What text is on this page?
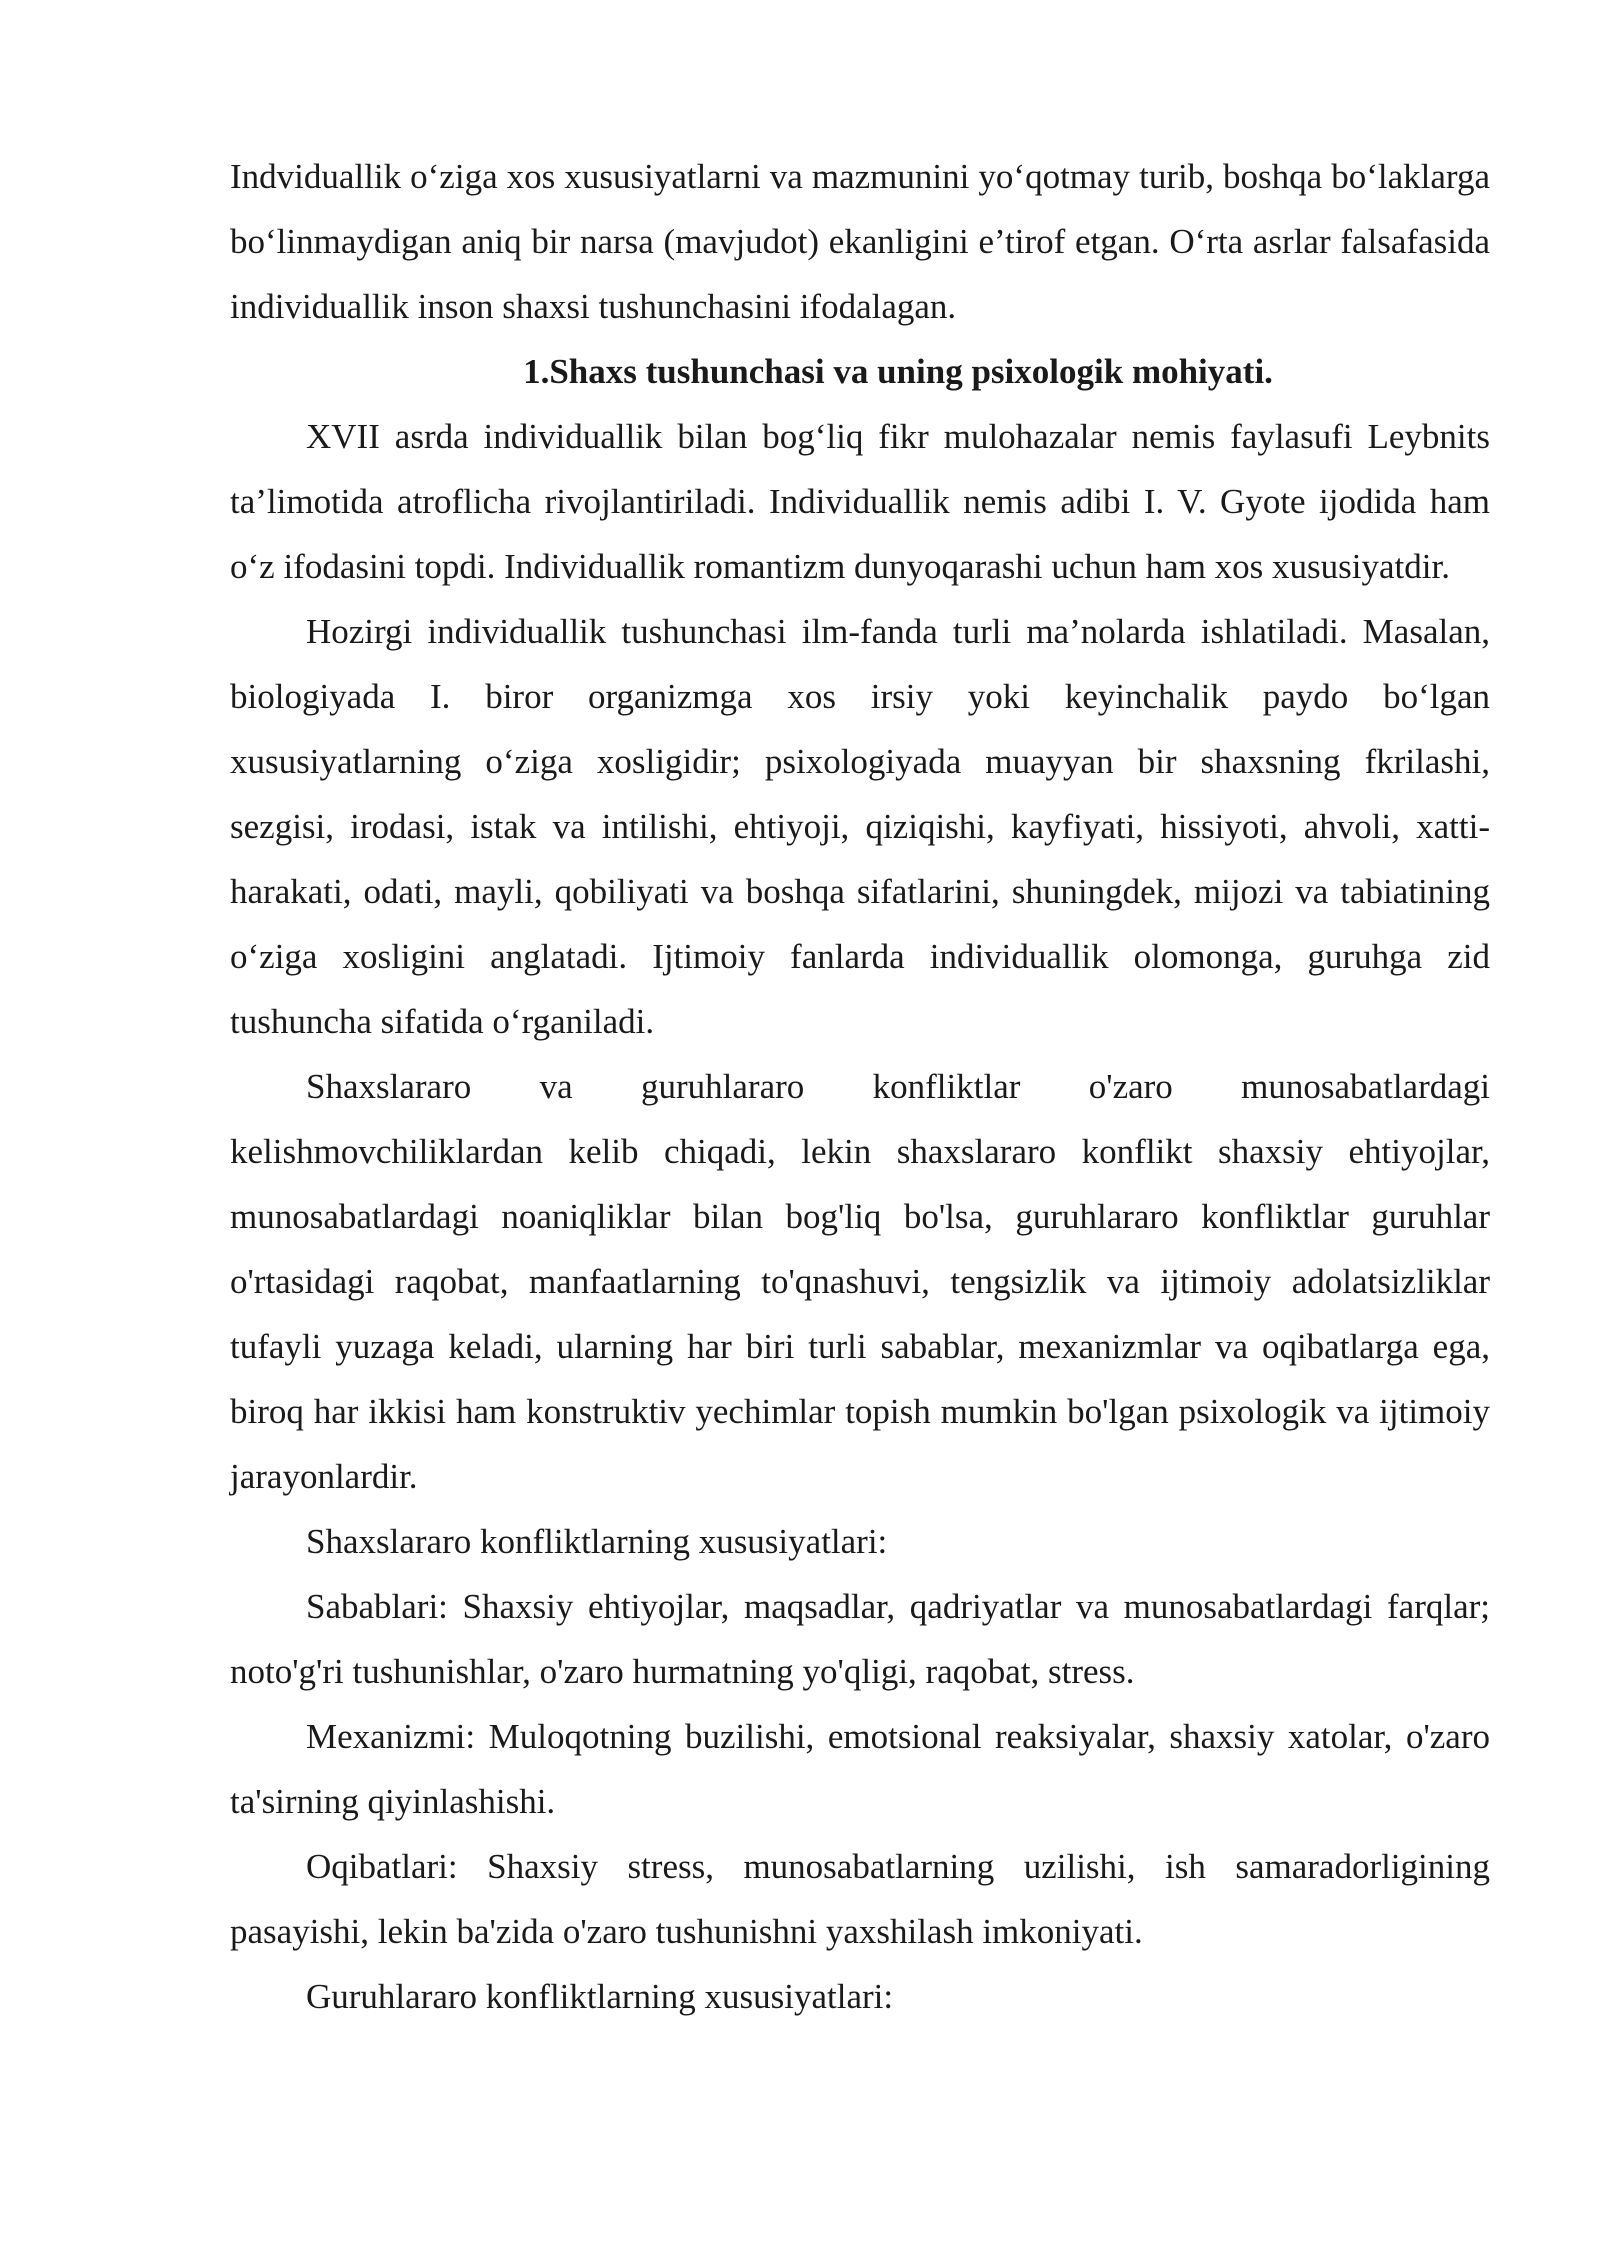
Indviduallik o‘ziga xos xususiyatlarni va mazmunini yo‘qotmay turib, boshqa bo‘laklarga bo‘linmaydigan aniq bir narsa (mavjudot) ekanligini e’tirof etgan. O‘rta asrlar falsafasida individuallik inson shaxsi tushunchasini ifodalagan.

1.Shaxs tushunchasi va uning psixologik mohiyati.

XVII asrda individuallik bilan bog‘liq fikr mulohazalar nemis faylasufi Leybnits ta’limotida atroflicha rivojlantiriladi. Individuallik nemis adibi I. V. Gyote ijodida ham o‘z ifodasini topdi. Individuallik romantizm dunyoqarashi uchun ham xos xususiyatdir.

Hozirgi individuallik tushunchasi ilm-fanda turli ma’nolarda ishlatiladi. Masalan, biologiyada I. biror organizmga xos irsiy yoki keyinchalik paydo bo‘lgan xususiyatlarning o‘ziga xosligidir; psixologiyada muayyan bir shaxsning fkrilashi, sezgisi, irodasi, istak va intilishi, ehtiyoji, qiziqishi, kayfiyati, hissiyoti, ahvoli, xatti-harakati, odati, mayli, qobiliyati va boshqa sifatlarini, shuningdek, mijozi va tabiatining o‘ziga xosligini anglatadi. Ijtimoiy fanlarda individuallik olomonga, guruhga zid tushuncha sifatida o‘rganiladi.

Shaxslararo va guruhlararo konfliktlar o'zaro munosabatlardagi kelishmovchiliklardan kelib chiqadi, lekin shaxslararo konflikt shaxsiy ehtiyojlar, munosabatlardagi noaniqliklar bilan bog'liq bo'lsa, guruhlararo konfliktlar guruhlar o'rtasidagi raqobat, manfaatlarning to'qnashuvi, tengsizlik va ijtimoiy adolatsizliklar tufayli yuzaga keladi, ularning har biri turli sabablar, mexanizmlar va oqibatlarga ega, biroq har ikkisi ham konstruktiv yechimlar topish mumkin bo'lgan psixologik va ijtimoiy jarayonlardir.

Shaxslararo konfliktlarning xususiyatlari:

Sabablari: Shaxsiy ehtiyojlar, maqsadlar, qadriyatlar va munosabatlardagi farqlar; noto'g'ri tushunishlar, o'zaro hurmatning yo'qligi, raqobat, stress.

Mexanizmi: Muloqotning buzilishi, emotsional reaksiyalar, shaxsiy xatolar, o'zaro ta'sirning qiyinlashishi.

Oqibatlari: Shaxsiy stress, munosabatlarning uzilishi, ish samaradorligining pasayishi, lekin ba'zida o'zaro tushunishni yaxshilash imkoniyati.

Guruhlararo konfliktlarning xususiyatlari:
